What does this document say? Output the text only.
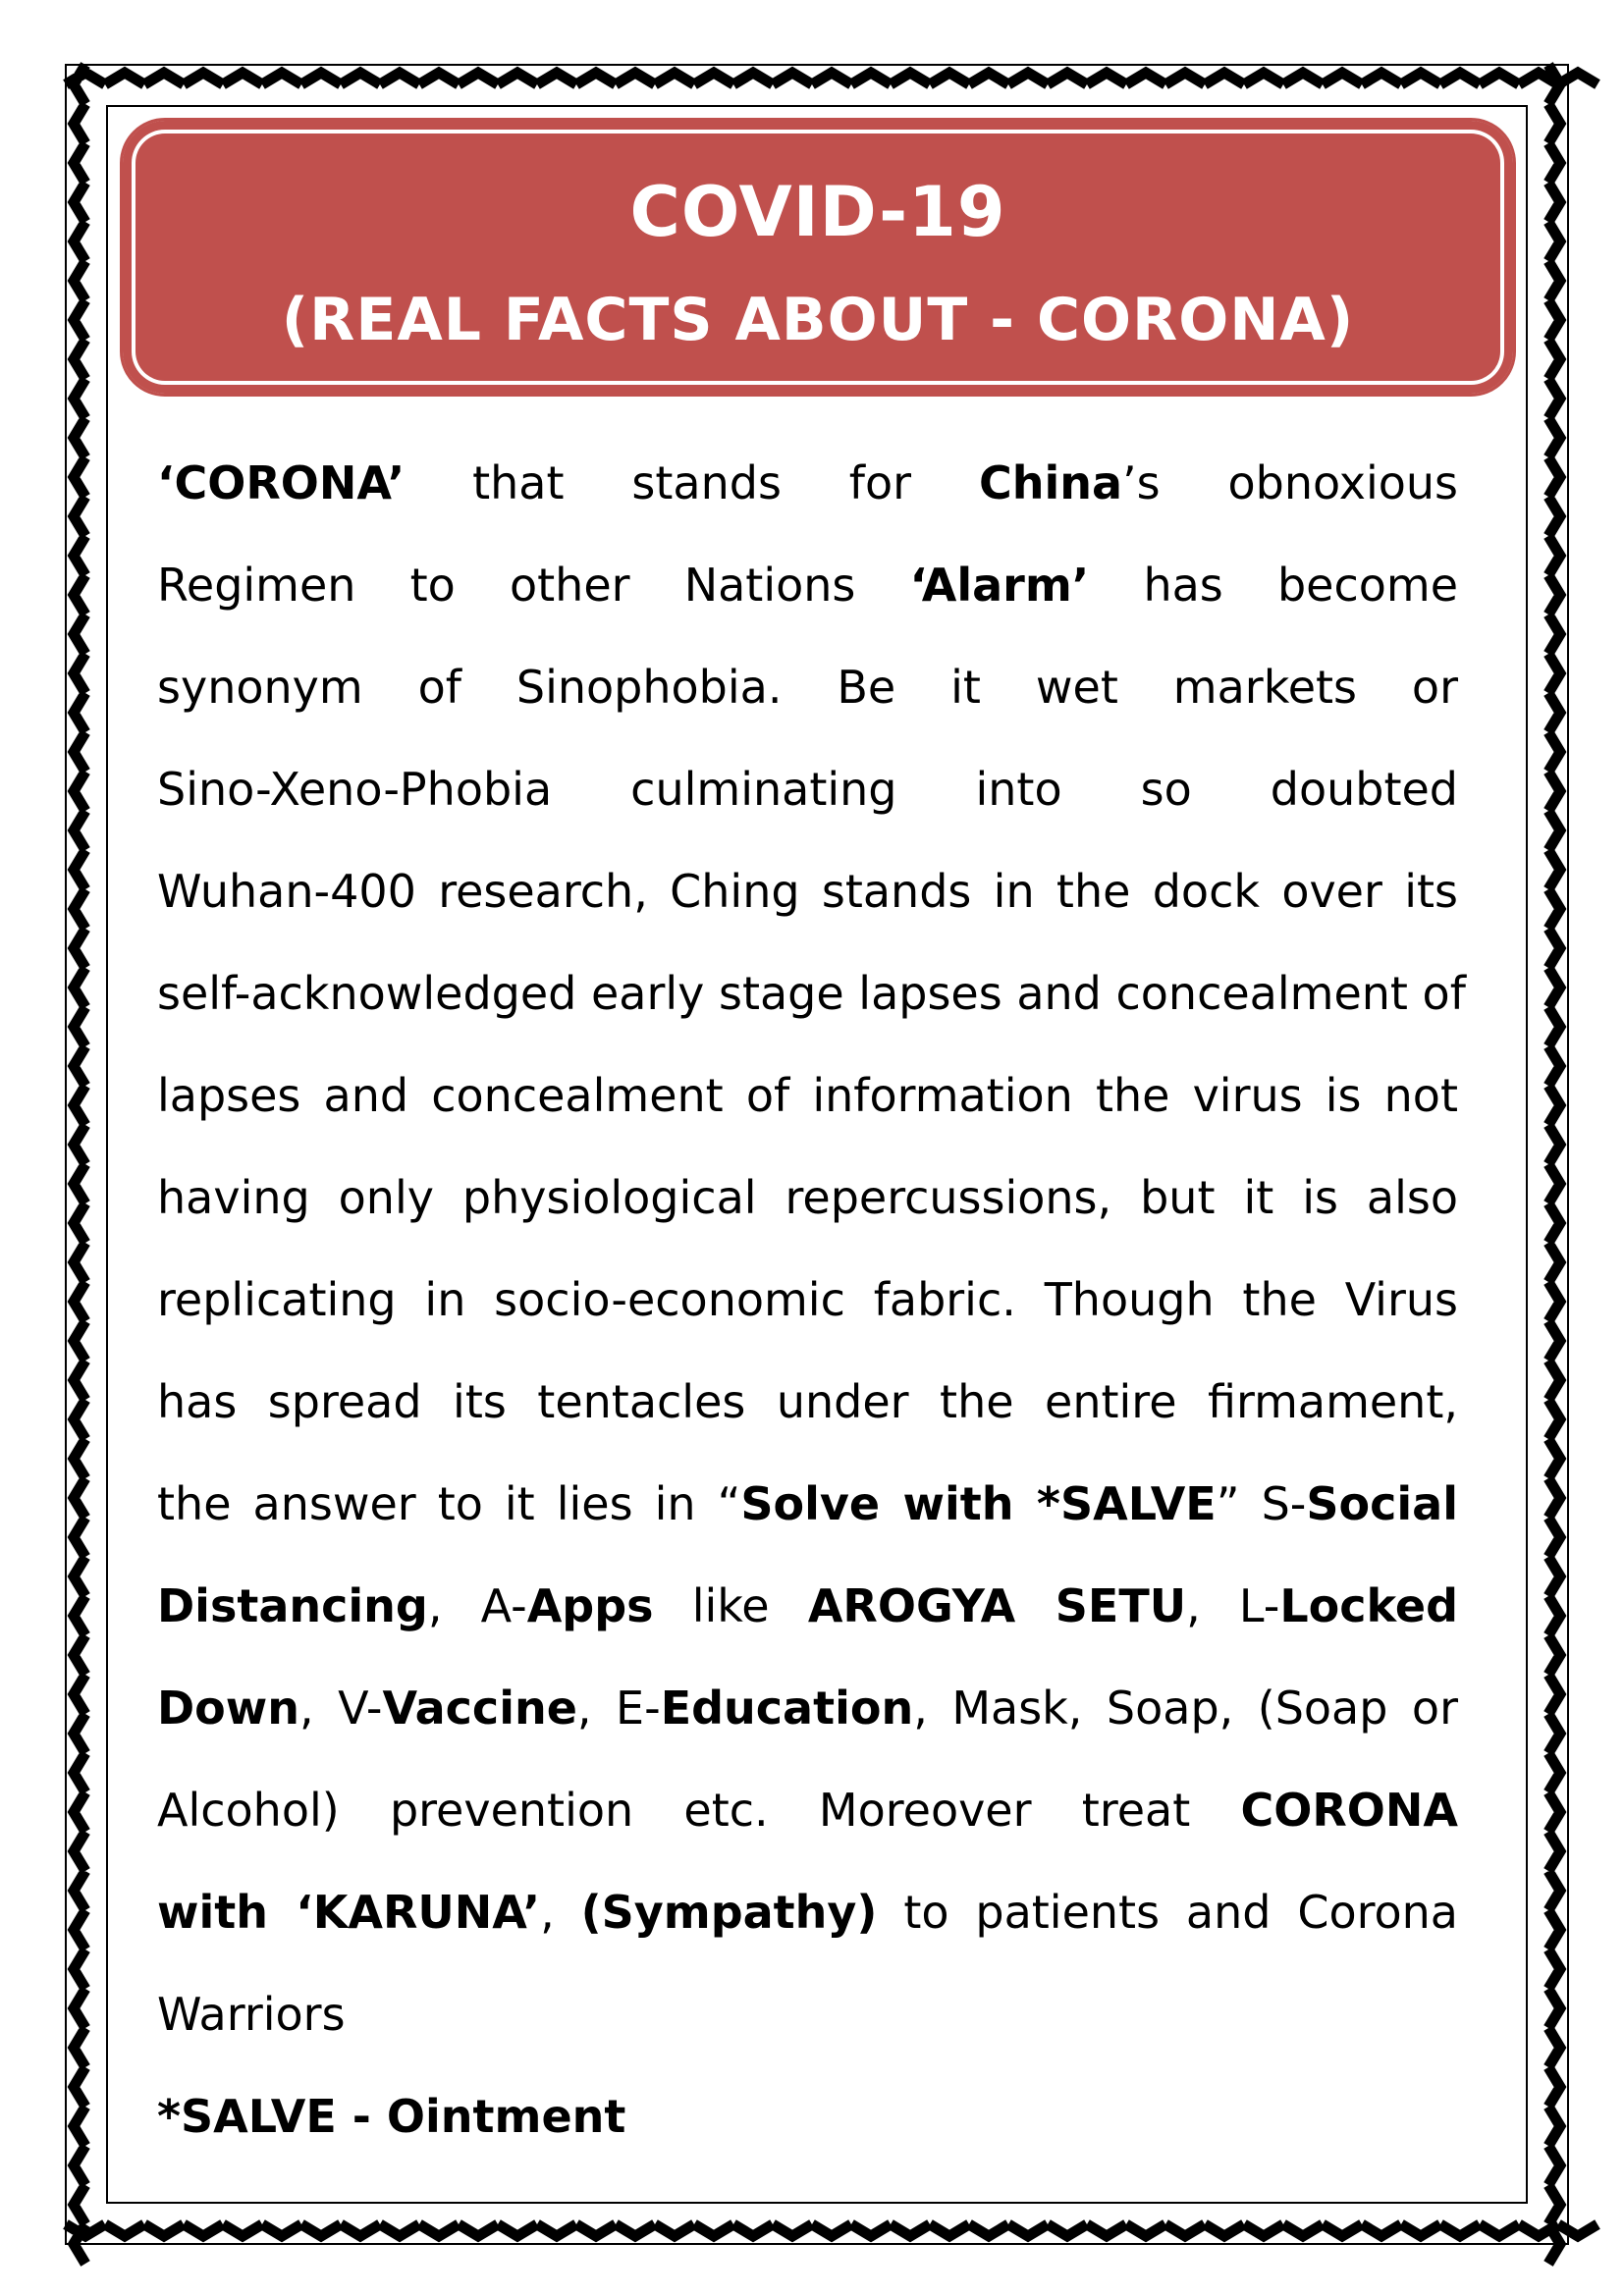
COVID-19
(REAL FACTS ABOUT - CORONA)
‘CORONA’ that stands for China’s obnoxious
Regimen to other Nations ‘Alarm’ has become
synonym of Sinophobia. Be it wet markets or
Sino-Xeno-Phobia culminating into so doubted
Wuhan-400 research, Ching stands in the dock over its
self-acknowledged early stage lapses and concealment of
lapses and concealment of information the virus is not
having only physiological repercussions, but it is also
replicating in socio-economic fabric. Though the Virus
has spread its tentacles under the entire firmament,
the answer to it lies in “Solve with *SALVE” S-Social
Distancing, A-Apps like AROGYA SETU, L-Locked
Down, V-Vaccine, E-Education, Mask, Soap, (Soap or
Alcohol) prevention etc. Moreover treat CORONA
with ‘KARUNA’, (Sympathy) to patients and Corona
Warriors
*SALVE - Ointment
